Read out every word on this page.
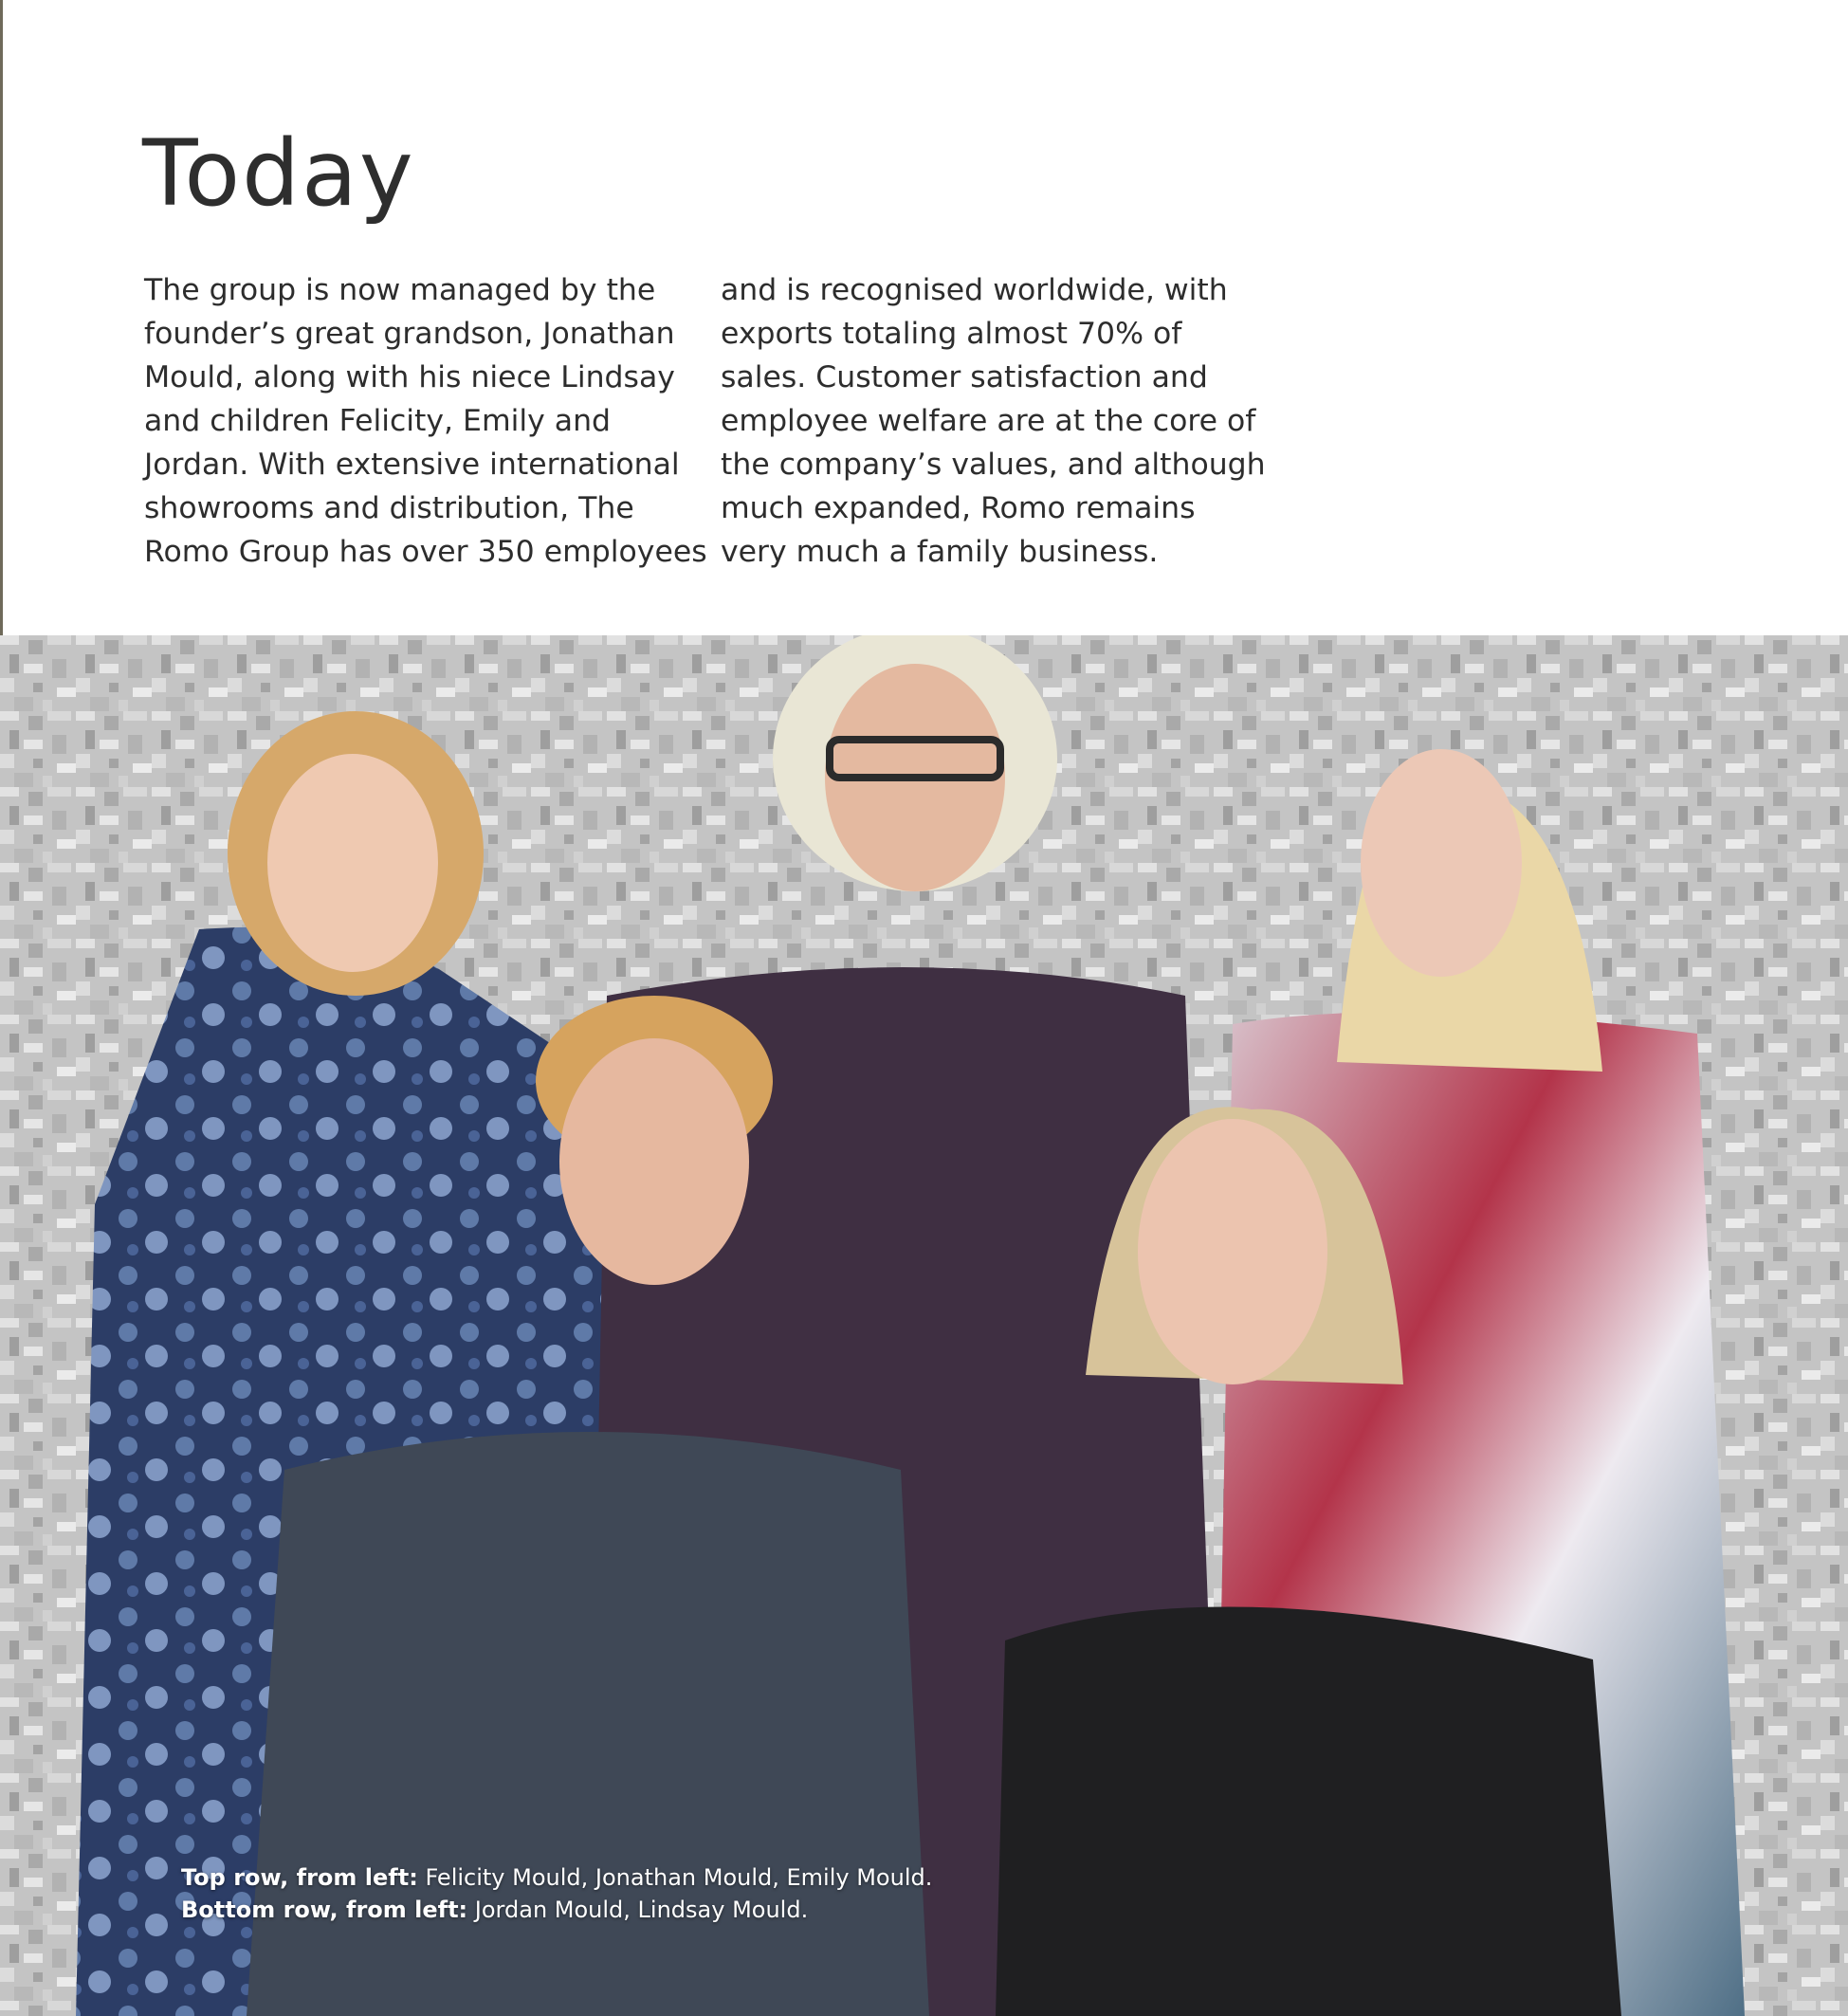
Today

The group is now managed by the
founder’s great grandson, Jonathan
Mould, along with his niece Lindsay
and children Felicity, Emily and
Jordan. With extensive international
showrooms and distribution, The
Romo Group has over 350 employees

and is recognised worldwide, with
exports totaling almost 70% of
sales. Customer satisfaction and
employee welfare are at the core of
the company’s values, and although
much expanded, Romo remains
very much a family business.

Top row, from left: Felicity Mould, Jonathan Mould, Emily Mould.
Bottom row, from left: Jordan Mould, Lindsay Mould.
